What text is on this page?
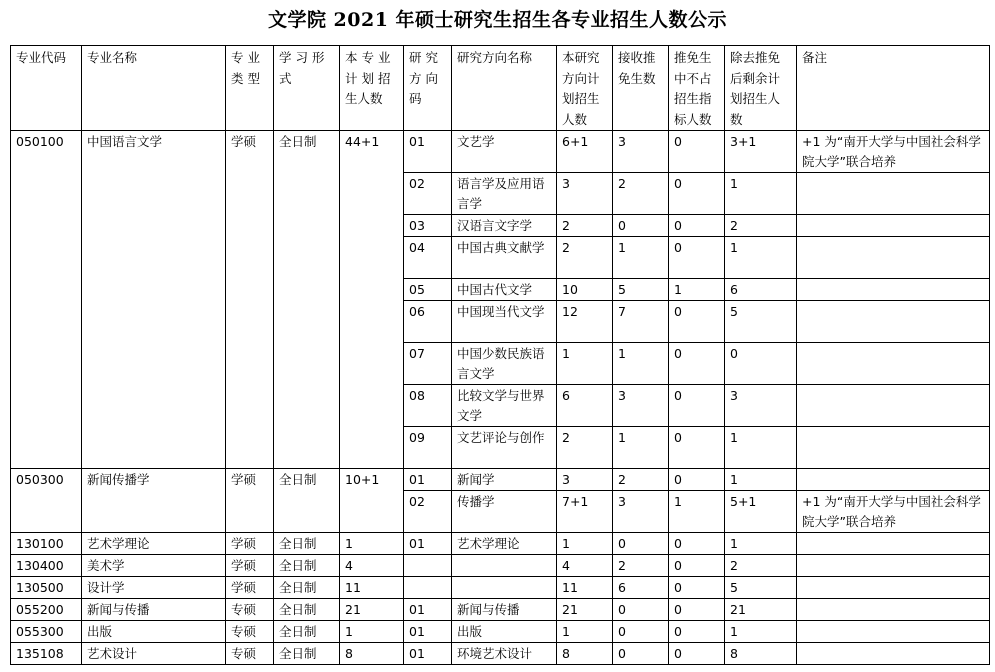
文学院 2021 年硕士研究生招生各专业招生人数公示
专业代码	专业名称	专 业 类 型	学 习 形 式	本 专 业 计 划 招 生人数	研 究 方 向 码	研究方向名称	本研究方向计划招生人数	接收推免生数	推免生中不占招生指标人数	除去推免后剩余计划招生人数	备注
050100	中国语言文学	学硕	全日制	44+1	01	文艺学	6+1	3	0	3+1	+1 为“南开大学与中国社会科学院大学”联合培养
					02	语言学及应用语言学	3	2	0	1	
					03	汉语言文字学	2	0	0	2	
					04	中国古典文献学	2	1	0	1	
					05	中国古代文学	10	5	1	6	
					06	中国现当代文学	12	7	0	5	
					07	中国少数民族语言文学	1	1	0	0	
					08	比较文学与世界文学	6	3	0	3	
					09	文艺评论与创作	2	1	0	1	
050300	新闻传播学	学硕	全日制	10+1	01	新闻学	3	2	0	1	
					02	传播学	7+1	3	1	5+1	+1 为“南开大学与中国社会科学院大学”联合培养
130100	艺术学理论	学硕	全日制	1	01	艺术学理论	1	0	0	1	
130400	美术学	学硕	全日制	4			4	2	0	2	
130500	设计学	学硕	全日制	11			11	6	0	5	
055200	新闻与传播	专硕	全日制	21	01	新闻与传播	21	0	0	21	
055300	出版	专硕	全日制	1	01	出版	1	0	0	1	
135108	艺术设计	专硕	全日制	8	01	环境艺术设计	8	0	0	8	
